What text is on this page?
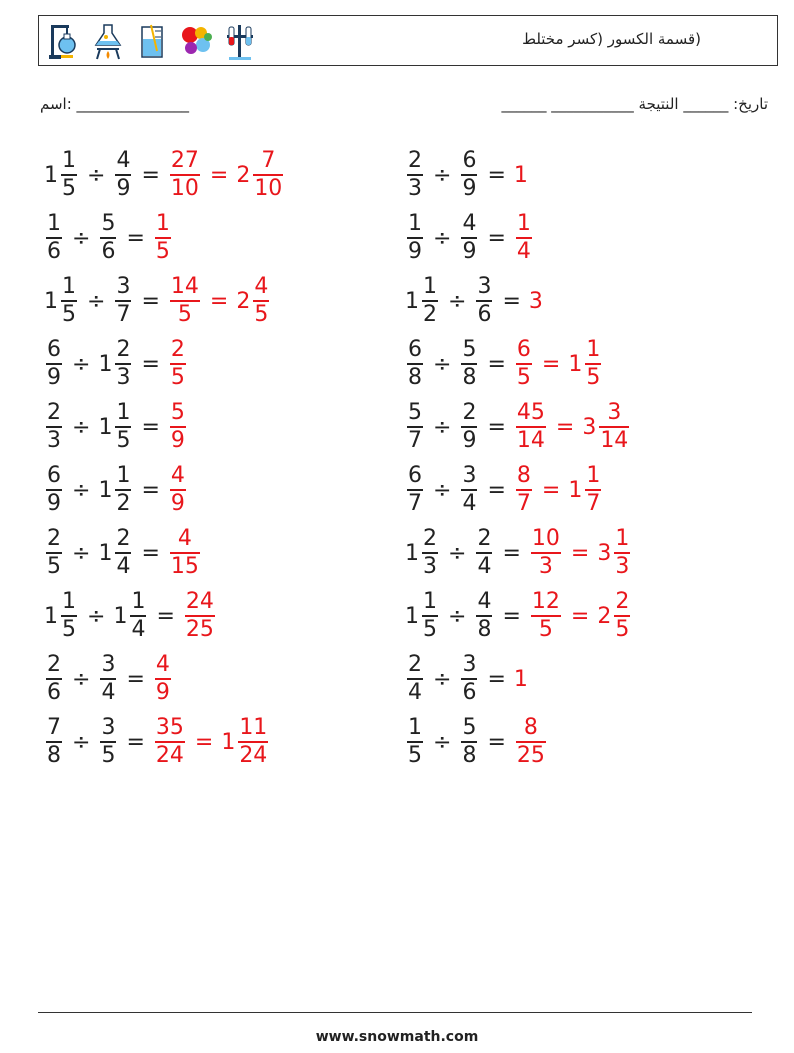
(قسمة الكسور (كسر مختلط
اسم: _______________	تاريخ: ______ النتيجة ___________ ______
$1 \frac{1}{5} \div \frac{4}{9} = \frac{27}{10} = 2 \frac{7}{10}$	$\frac{2}{3} \div \frac{6}{9} = 1$
$\frac{1}{6} \div \frac{5}{6} = \frac{1}{5}$	$\frac{1}{9} \div \frac{4}{9} = \frac{1}{4}$
$1 \frac{1}{5} \div \frac{3}{7} = \frac{14}{5} = 2 \frac{4}{5}$	$1 \frac{1}{2} \div \frac{3}{6} = 3$
$\frac{6}{9} \div 1 \frac{2}{3} = \frac{2}{5}$	$\frac{6}{8} \div \frac{5}{8} = \frac{6}{5} = 1 \frac{1}{5}$
$\frac{2}{3} \div 1 \frac{1}{5} = \frac{5}{9}$	$\frac{5}{7} \div \frac{2}{9} = \frac{45}{14} = 3 \frac{3}{14}$
$\frac{6}{9} \div 1 \frac{1}{2} = \frac{4}{9}$	$\frac{6}{7} \div \frac{3}{4} = \frac{8}{7} = 1 \frac{1}{7}$
$\frac{2}{5} \div 1 \frac{2}{4} = \frac{4}{15}$	$1 \frac{2}{3} \div \frac{2}{4} = \frac{10}{3} = 3 \frac{1}{3}$
$1 \frac{1}{5} \div 1 \frac{1}{4} = \frac{24}{25}$	$1 \frac{1}{5} \div \frac{4}{8} = \frac{12}{5} = 2 \frac{2}{5}$
$\frac{2}{6} \div \frac{3}{4} = \frac{4}{9}$	$\frac{2}{4} \div \frac{3}{6} = 1$
$\frac{7}{8} \div \frac{3}{5} = \frac{35}{24} = 1 \frac{11}{24}$	$\frac{1}{5} \div \frac{5}{8} = \frac{8}{25}$
www.snowmath.com
